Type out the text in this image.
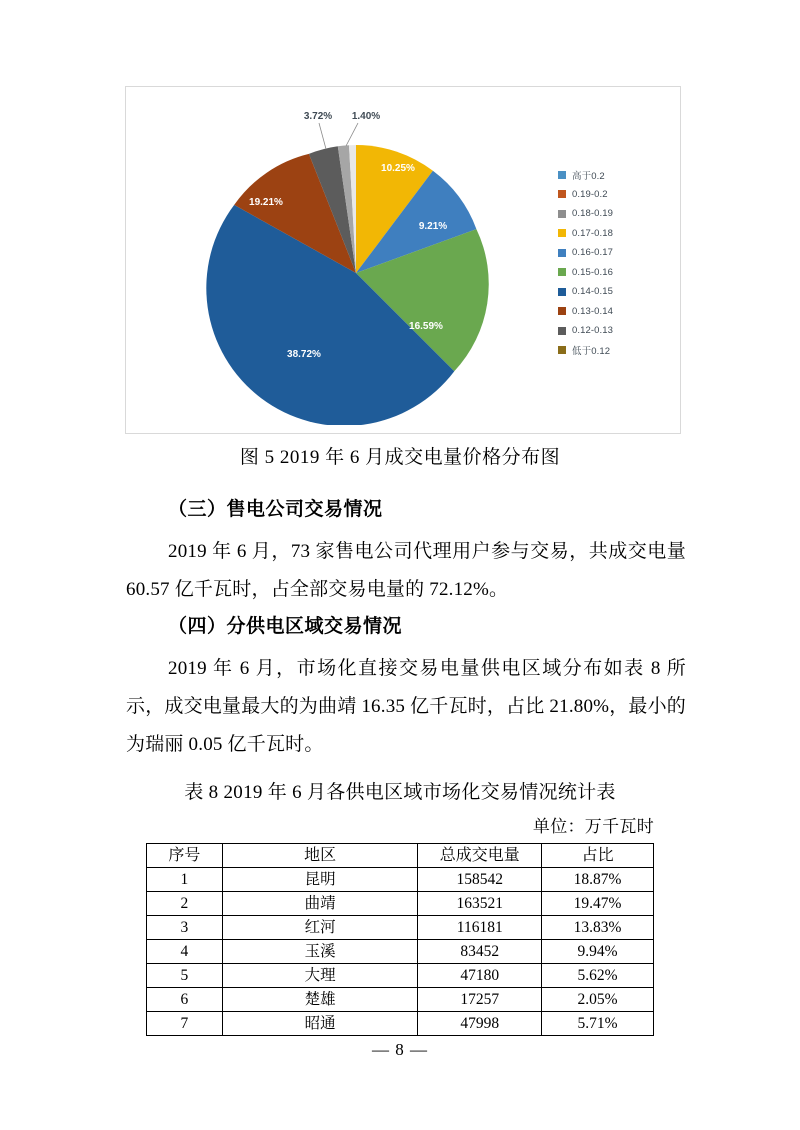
3.72% 1.40%
10.25%
9.21%
16.59%
38.72%
19.21%
高于0.2
0.19-0.2
0.18-0.19
0.17-0.18
0.16-0.17
0.15-0.16
0.14-0.15
0.13-0.14
0.12-0.13
低于0.12
图 5 2019 年 6 月成交电量价格分布图
（三）售电公司交易情况
2019 年 6 月，73 家售电公司代理用户参与交易，共成交电量 60.57 亿千瓦时，占全部交易电量的 72.12%。
（四）分供电区域交易情况
2019 年 6 月，市场化直接交易电量供电区域分布如表 8 所示，成交电量最大的为曲靖 16.35 亿千瓦时，占比 21.80%，最小的为瑞丽 0.05 亿千瓦时。
表 8 2019 年 6 月各供电区域市场化交易情况统计表
单位：万千瓦时
序号	地区	总成交电量	占比
1	昆明	158542	18.87%
2	曲靖	163521	19.47%
3	红河	116181	13.83%
4	玉溪	83452	9.94%
5	大理	47180	5.62%
6	楚雄	17257	2.05%
7	昭通	47998	5.71%
— 8 —
